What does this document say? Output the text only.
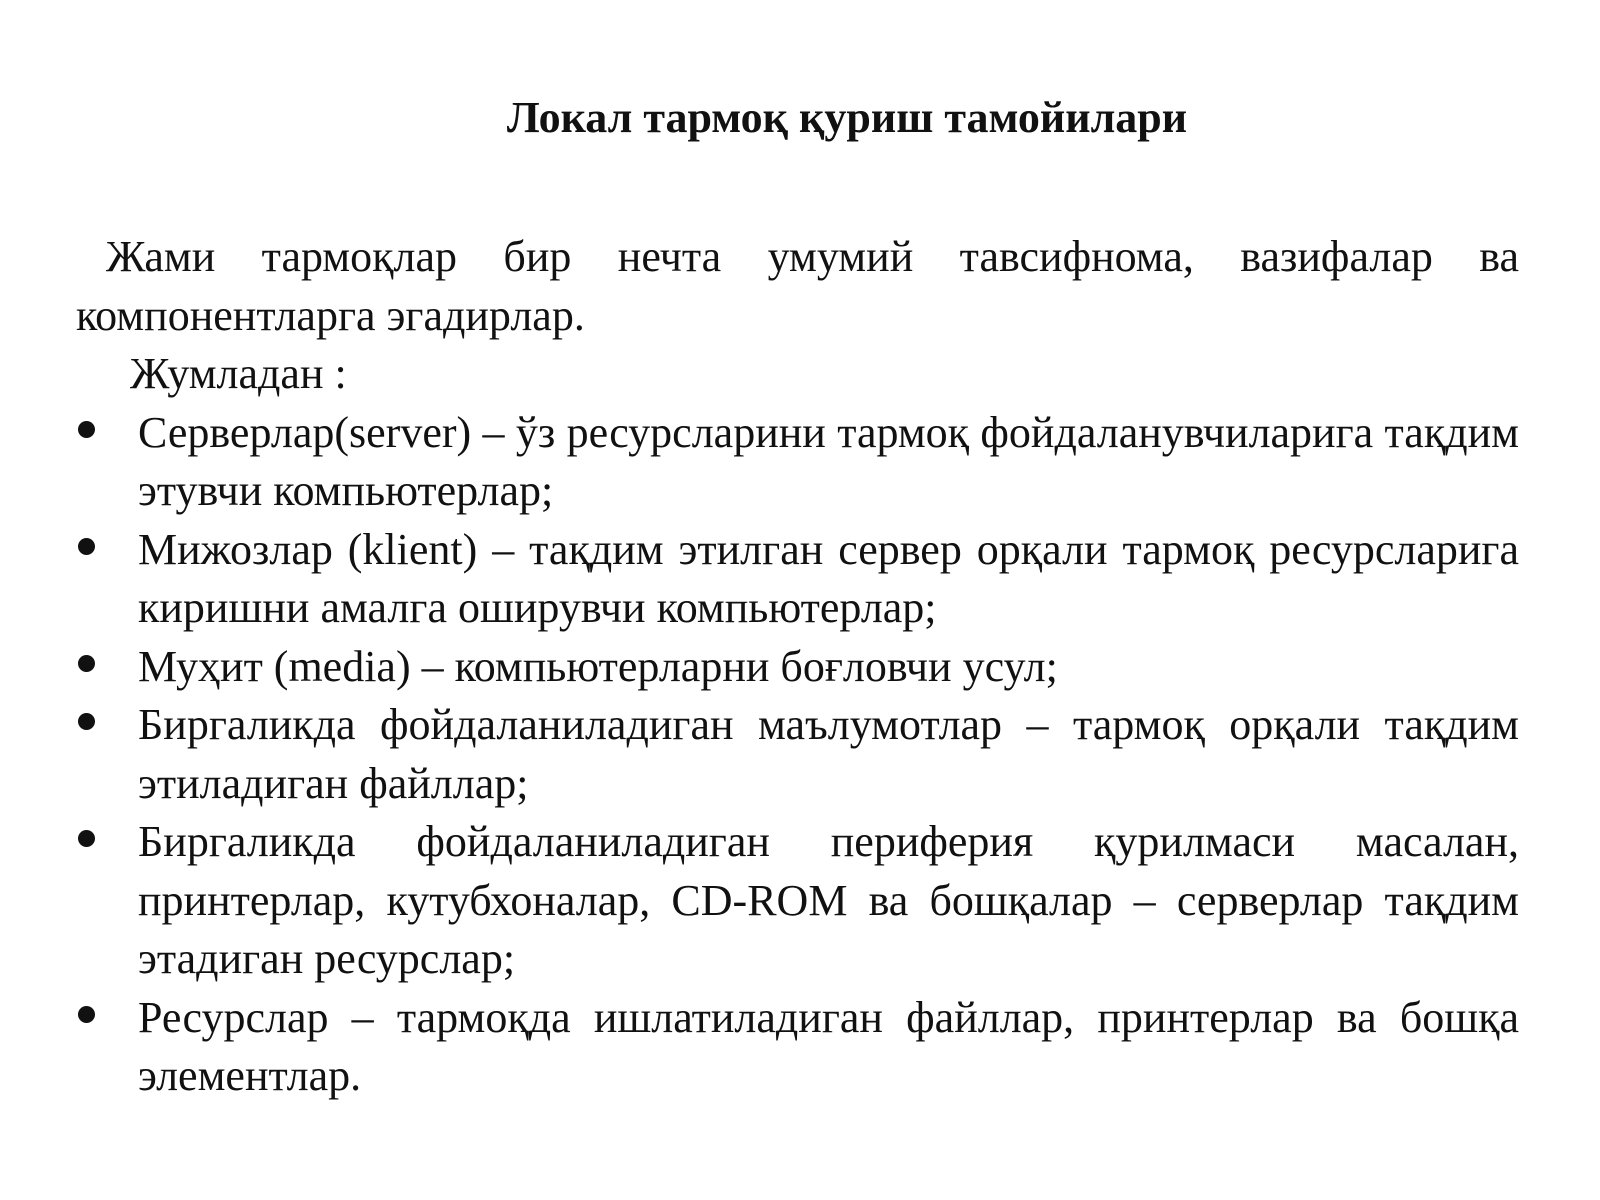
Локал тармоқ қуриш тамойилари

Жами тармоқлар бир нечта умумий тавсифнома, вазифалар ва компонентларга эгадирлар.

Жумладан :

Серверлар(server) – ўз ресурсларини тармоқ фойдаланувчиларига тақдим этувчи компьютерлар;
Мижозлар (klient) – тақдим этилган сервер орқали тармоқ ресурсларига киришни амалга оширувчи компьютерлар;
Муҳит (media) – компьютерларни боғловчи усул;
Биргаликда фойдаланиладиган маълумотлар – тармоқ орқали тақдим этиладиган файллар;
Биргаликда фойдаланиладиган периферия қурилмаси масалан, принтерлар, кутубхоналар, CD-ROM ва бошқалар – серверлар тақдим этадиган ресурслар;
Ресурслар – тармоқда ишлатиладиган файллар, принтерлар ва бошқа элементлар.
